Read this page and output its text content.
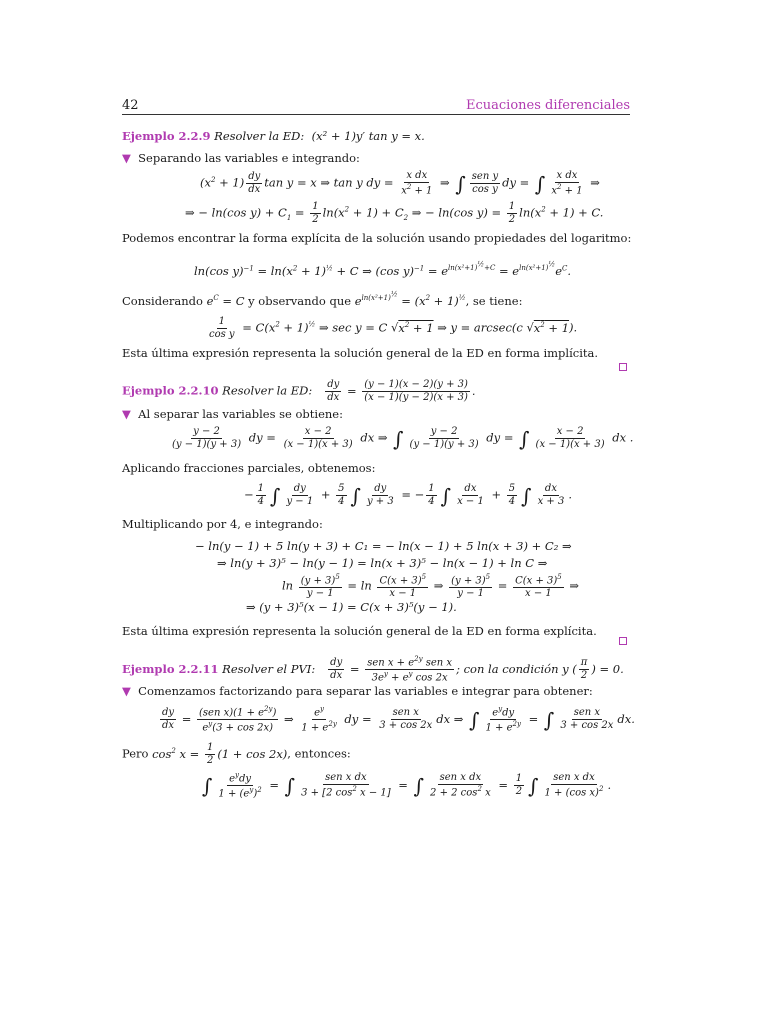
42	Ecuaciones diferenciales
Ejemplo 2.2.9 Resolver la ED: (x² + 1)y′ tan y = x.
▼ Separando las variables e integrando:
$(x^2 + 1) \frac{dy}{dx}$ tan y = x ⇒ tan y dy = $\frac{\text{x dx}}{x^2 + 1}$ ⇒ ∫ $\frac{\text{sen y}}{\text{cos y}}$ dy = ∫ $\frac{\text{x dx}}{x^2 + 1}$ ⇒
⇒ − ln(cos $y) + C_1 = \frac{1}{2} \ln(x^2 + 1) + C_2$ ⇒ − ln(cos $y) = \frac{1}{2} \ln(x^2 + 1) + C$.
Podemos encontrar la forma explícita de la solución usando propiedades del logaritmo:
ln(cos $y)^{-1} = \ln(x^2 + 1)^{\frac{1}{2}} + C$ ⇒ (cos $y)^{-1} = e^{ln(x^2+1)^{\frac{1}{2}}+C} = e^{ln(x^2+1)^{\frac{1}{2}}}e^C$.
Considerando $e^C = C$ y observando que $e^{ln(x^2+1)^{\frac{1}{2}}} = (x^2 + 1)^{\frac{1}{2}}$, se tiene:
$\frac{1}{\text{cos y}} = C(x^2 + 1)^{\frac{1}{2}}$ ⇒ sec y = C $√x^2 + 1$ ⇒ y = arcsec(c $√x^2 + 1$).
Esta última expresión representa la solución general de la ED en forma implícita.
Ejemplo 2.2.10 Resolver la ED: $\frac{dy}{dx} = \frac{(y - 1)(x - 2)(y + 3)}{(x - 1)(y - 2)(x + 3)}$ .
▼ Al separar las variables se obtiene:
$\frac{y - 2}{(y - 1)(y + 3)}$ dy = $\frac{x - 2}{(x - 1)(x + 3)}$ dx ⇒ ∫ $\frac{y - 2}{(y - 1)(y + 3)}$ dy = ∫ $\frac{x - 2}{(x - 1)(x + 3)}$ dx .
Aplicando fracciones parciales, obtenemos:
− $\frac{1}{4}$ ∫ $\frac{dy}{y - 1} + \frac{5}{4}$ ∫ $\frac{dy}{y + 3}$ = − $\frac{1}{4}$ ∫ $\frac{dx}{x - 1} + \frac{5}{4}$ ∫ $\frac{dx}{x + 3}$ .
Multiplicando por 4, e integrando:
− ln(y − 1) + 5 ln(y + 3) + C₁ = − ln(x − 1) + 5 ln(x + 3) + C₂ ⇒
⇒ ln(y + 3)⁵ − ln(y − 1) = ln(x + 3)⁵ − ln(x − 1) + ln C ⇒
$\ln \frac{(y + 3)^5}{y - 1} = \ln \frac{C(x + 3)^5}{x - 1}$ ⇒ $\frac{(y + 3)^5}{y - 1} = \frac{C(x + 3)^5}{x - 1}$ ⇒
⇒ (y + 3)⁵(x − 1) = C(x + 3)⁵(y − 1).
Esta última expresión representa la solución general de la ED en forma explícita.
Ejemplo 2.2.11 Resolver el PVI: $\frac{dy}{dx} = \frac{sen x + e^{2y} sen x}{3e^y + e^y \cos 2x}$ ; con la condición y ( $\frac{\pi}{2}$ ) = 0.
▼ Comenzamos factorizando para separar las variables e integrar para obtener:
$\frac{dy}{dx} = \frac{(sen x)(1 + e^{2y})}{e^y(3 + \cos 2x)}$ ⇒ $\frac{e^y}{1 + e^{2y}}$ dy = $\frac{\text{sen x}}{3 + \cos 2x}$ dx ⇒ ∫ $\frac{e^ydy}{1 + e^{2y}}$ = ∫ $\frac{\text{sen x}}{3 + \cos 2x}$ dx.
Pero $\cos^2 x = \frac{1}{2} (1 + \cos 2x)$, entonces:
∫ $\frac{e^ydy}{1 + (e^y)^2}$ = ∫ $\frac{\text{sen x dx}}{3 + [2 \cos^2 x - 1]}$ = ∫ $\frac{\text{sen x dx}}{2 + 2 \cos^2 x} = \frac{1}{2}$ ∫ $\frac{\text{sen x dx}}{1 + (\cos x)^2}$ .
